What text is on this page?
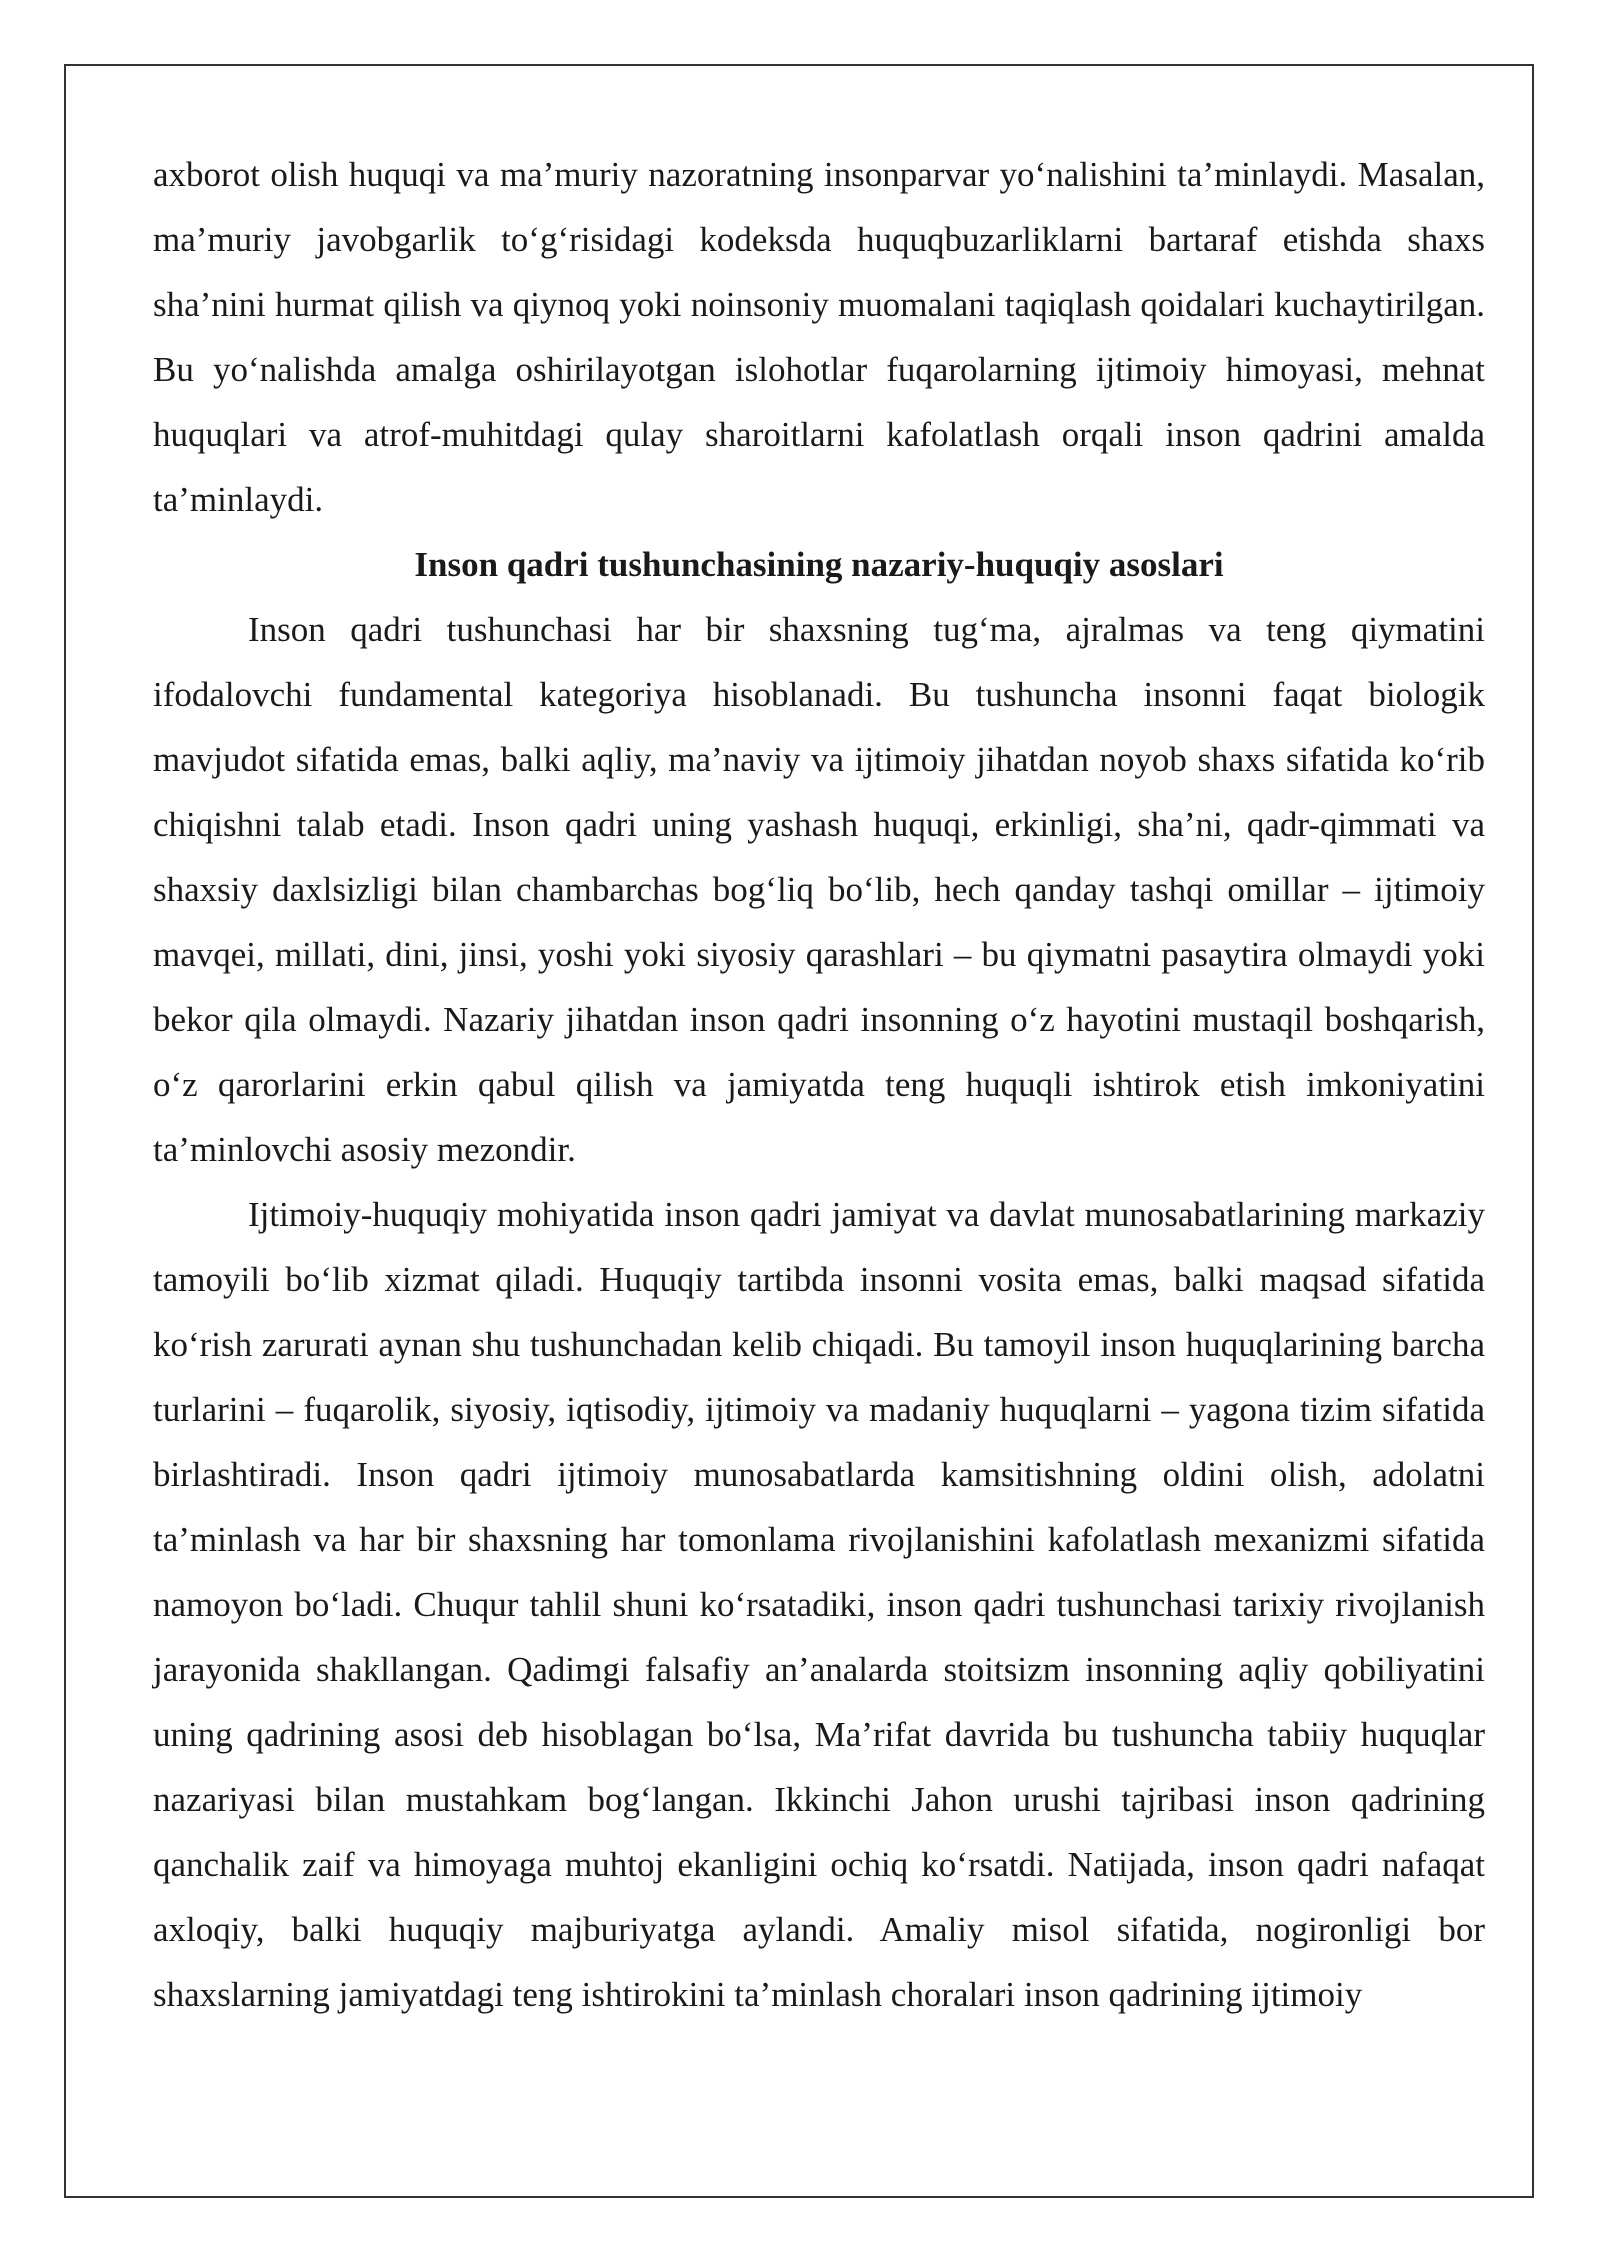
axborot olish huquqi va ma’muriy nazoratning insonparvar yo‘nalishini ta’minlaydi. Masalan, ma’muriy javobgarlik to‘g‘risidagi kodeksda huquqbuzarliklarni bartaraf etishda shaxs sha’nini hurmat qilish va qiynoq yoki noinsoniy muomalani taqiqlash qoidalari kuchaytirilgan. Bu yo‘nalishda amalga oshirilayotgan islohotlar fuqarolarning ijtimoiy himoyasi, mehnat huquqlari va atrof-muhitdagi qulay sharoitlarni kafolatlash orqali inson qadrini amalda ta’minlaydi.

Inson qadri tushunchasining nazariy-huquqiy asoslari

Inson qadri tushunchasi har bir shaxsning tug‘ma, ajralmas va teng qiymatini ifodalovchi fundamental kategoriya hisoblanadi. Bu tushuncha insonni faqat biologik mavjudot sifatida emas, balki aqliy, ma’naviy va ijtimoiy jihatdan noyob shaxs sifatida ko‘rib chiqishni talab etadi. Inson qadri uning yashash huquqi, erkinligi, sha’ni, qadr-qimmati va shaxsiy daxlsizligi bilan chambarchas bog‘liq bo‘lib, hech qanday tashqi omillar – ijtimoiy mavqei, millati, dini, jinsi, yoshi yoki siyosiy qarashlari – bu qiymatni pasaytira olmaydi yoki bekor qila olmaydi. Nazariy jihatdan inson qadri insonning o‘z hayotini mustaqil boshqarish, o‘z qarorlarini erkin qabul qilish va jamiyatda teng huquqli ishtirok etish imkoniyatini ta’minlovchi asosiy mezondir.

Ijtimoiy-huquqiy mohiyatida inson qadri jamiyat va davlat munosabatlarining markaziy tamoyili bo‘lib xizmat qiladi. Huquqiy tartibda insonni vosita emas, balki maqsad sifatida ko‘rish zarurati aynan shu tushunchadan kelib chiqadi. Bu tamoyil inson huquqlarining barcha turlarini – fuqarolik, siyosiy, iqtisodiy, ijtimoiy va madaniy huquqlarni – yagona tizim sifatida birlashtiradi. Inson qadri ijtimoiy munosabatlarda kamsitishning oldini olish, adolatni ta’minlash va har bir shaxsning har tomonlama rivojlanishini kafolatlash mexanizmi sifatida namoyon bo‘ladi. Chuqur tahlil shuni ko‘rsatadiki, inson qadri tushunchasi tarixiy rivojlanish jarayonida shakllangan. Qadimgi falsafiy an’analarda stoitsizm insonning aqliy qobiliyatini uning qadrining asosi deb hisoblagan bo‘lsa, Ma’rifat davrida bu tushuncha tabiiy huquqlar nazariyasi bilan mustahkam bog‘langan. Ikkinchi Jahon urushi tajribasi inson qadrining qanchalik zaif va himoyaga muhtoj ekanligini ochiq ko‘rsatdi. Natijada, inson qadri nafaqat axloqiy, balki huquqiy majburiyatga aylandi. Amaliy misol sifatida, nogironligi bor shaxslarning jamiyatdagi teng ishtirokini ta’minlash choralari inson qadrining ijtimoiy
